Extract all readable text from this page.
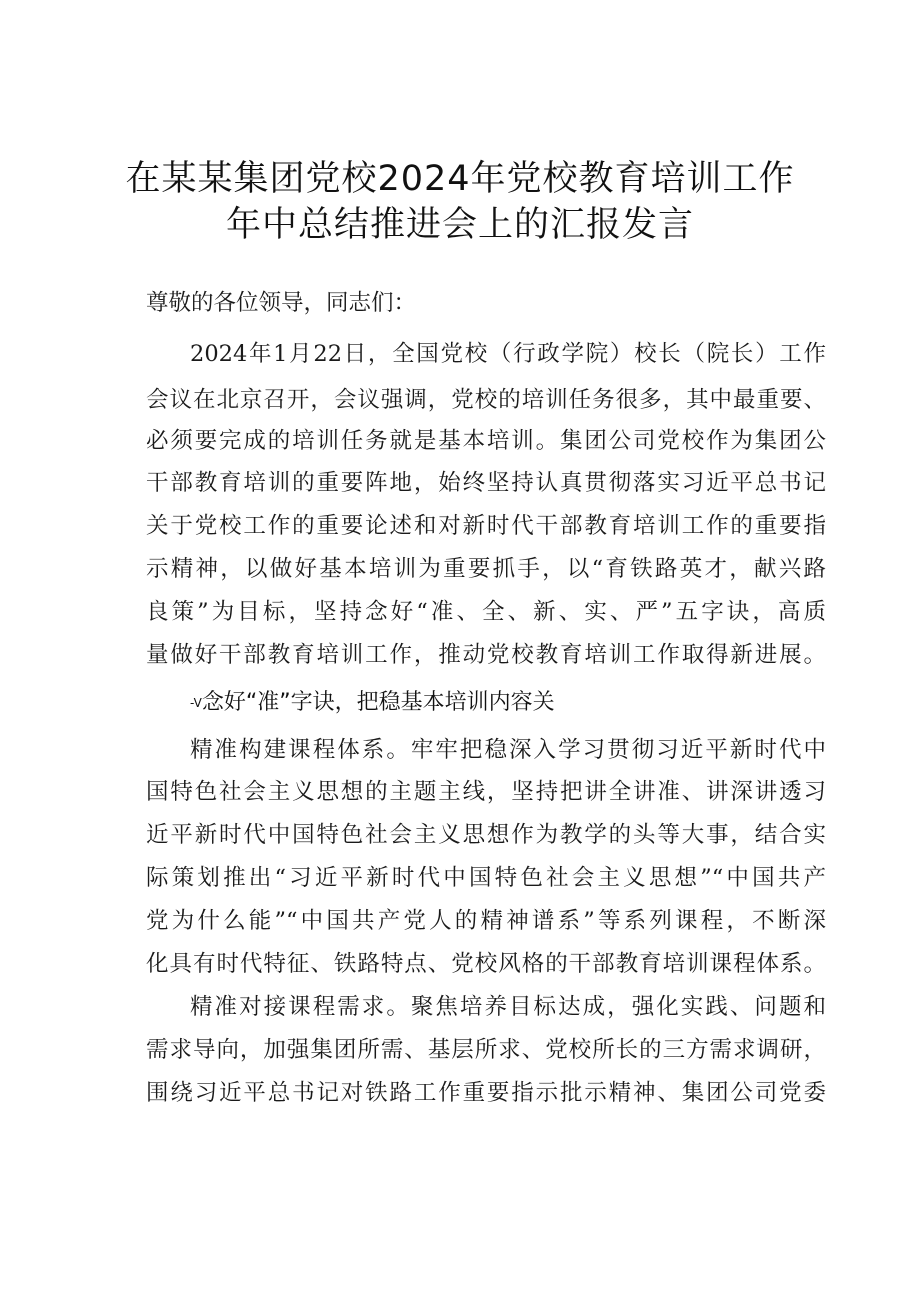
在某某集团党校2024年党校教育培训工作
年中总结推进会上的汇报发言
尊敬的各位领导，同志们：
2024年1月22日，全国党校（行政学院）校长（院长）工作
会议在北京召开，会议强调，党校的培训任务很多，其中最重要、
必须要完成的培训任务就是基本培训。集团公司党校作为集团公
干部教育培训的重要阵地，始终坚持认真贯彻落实习近平总书记
关于党校工作的重要论述和对新时代干部教育培训工作的重要指
示精神，以做好基本培训为重要抓手，以“育铁路英才，献兴路
良策”为目标，坚持念好“准、全、新、实、严”五字诀，高质
量做好干部教育培训工作，推动党校教育培训工作取得新进展。
-V念好“准”字诀，把稳基本培训内容关
精准构建课程体系。牢牢把稳深入学习贯彻习近平新时代中
国特色社会主义思想的主题主线，坚持把讲全讲准、讲深讲透习
近平新时代中国特色社会主义思想作为教学的头等大事，结合实
际策划推出“习近平新时代中国特色社会主义思想”“中国共产
党为什么能”“中国共产党人的精神谱系”等系列课程，不断深
化具有时代特征、铁路特点、党校风格的干部教育培训课程体系。
精准对接课程需求。聚焦培养目标达成，强化实践、问题和
需求导向，加强集团所需、基层所求、党校所长的三方需求调研，
围绕习近平总书记对铁路工作重要指示批示精神、集团公司党委
